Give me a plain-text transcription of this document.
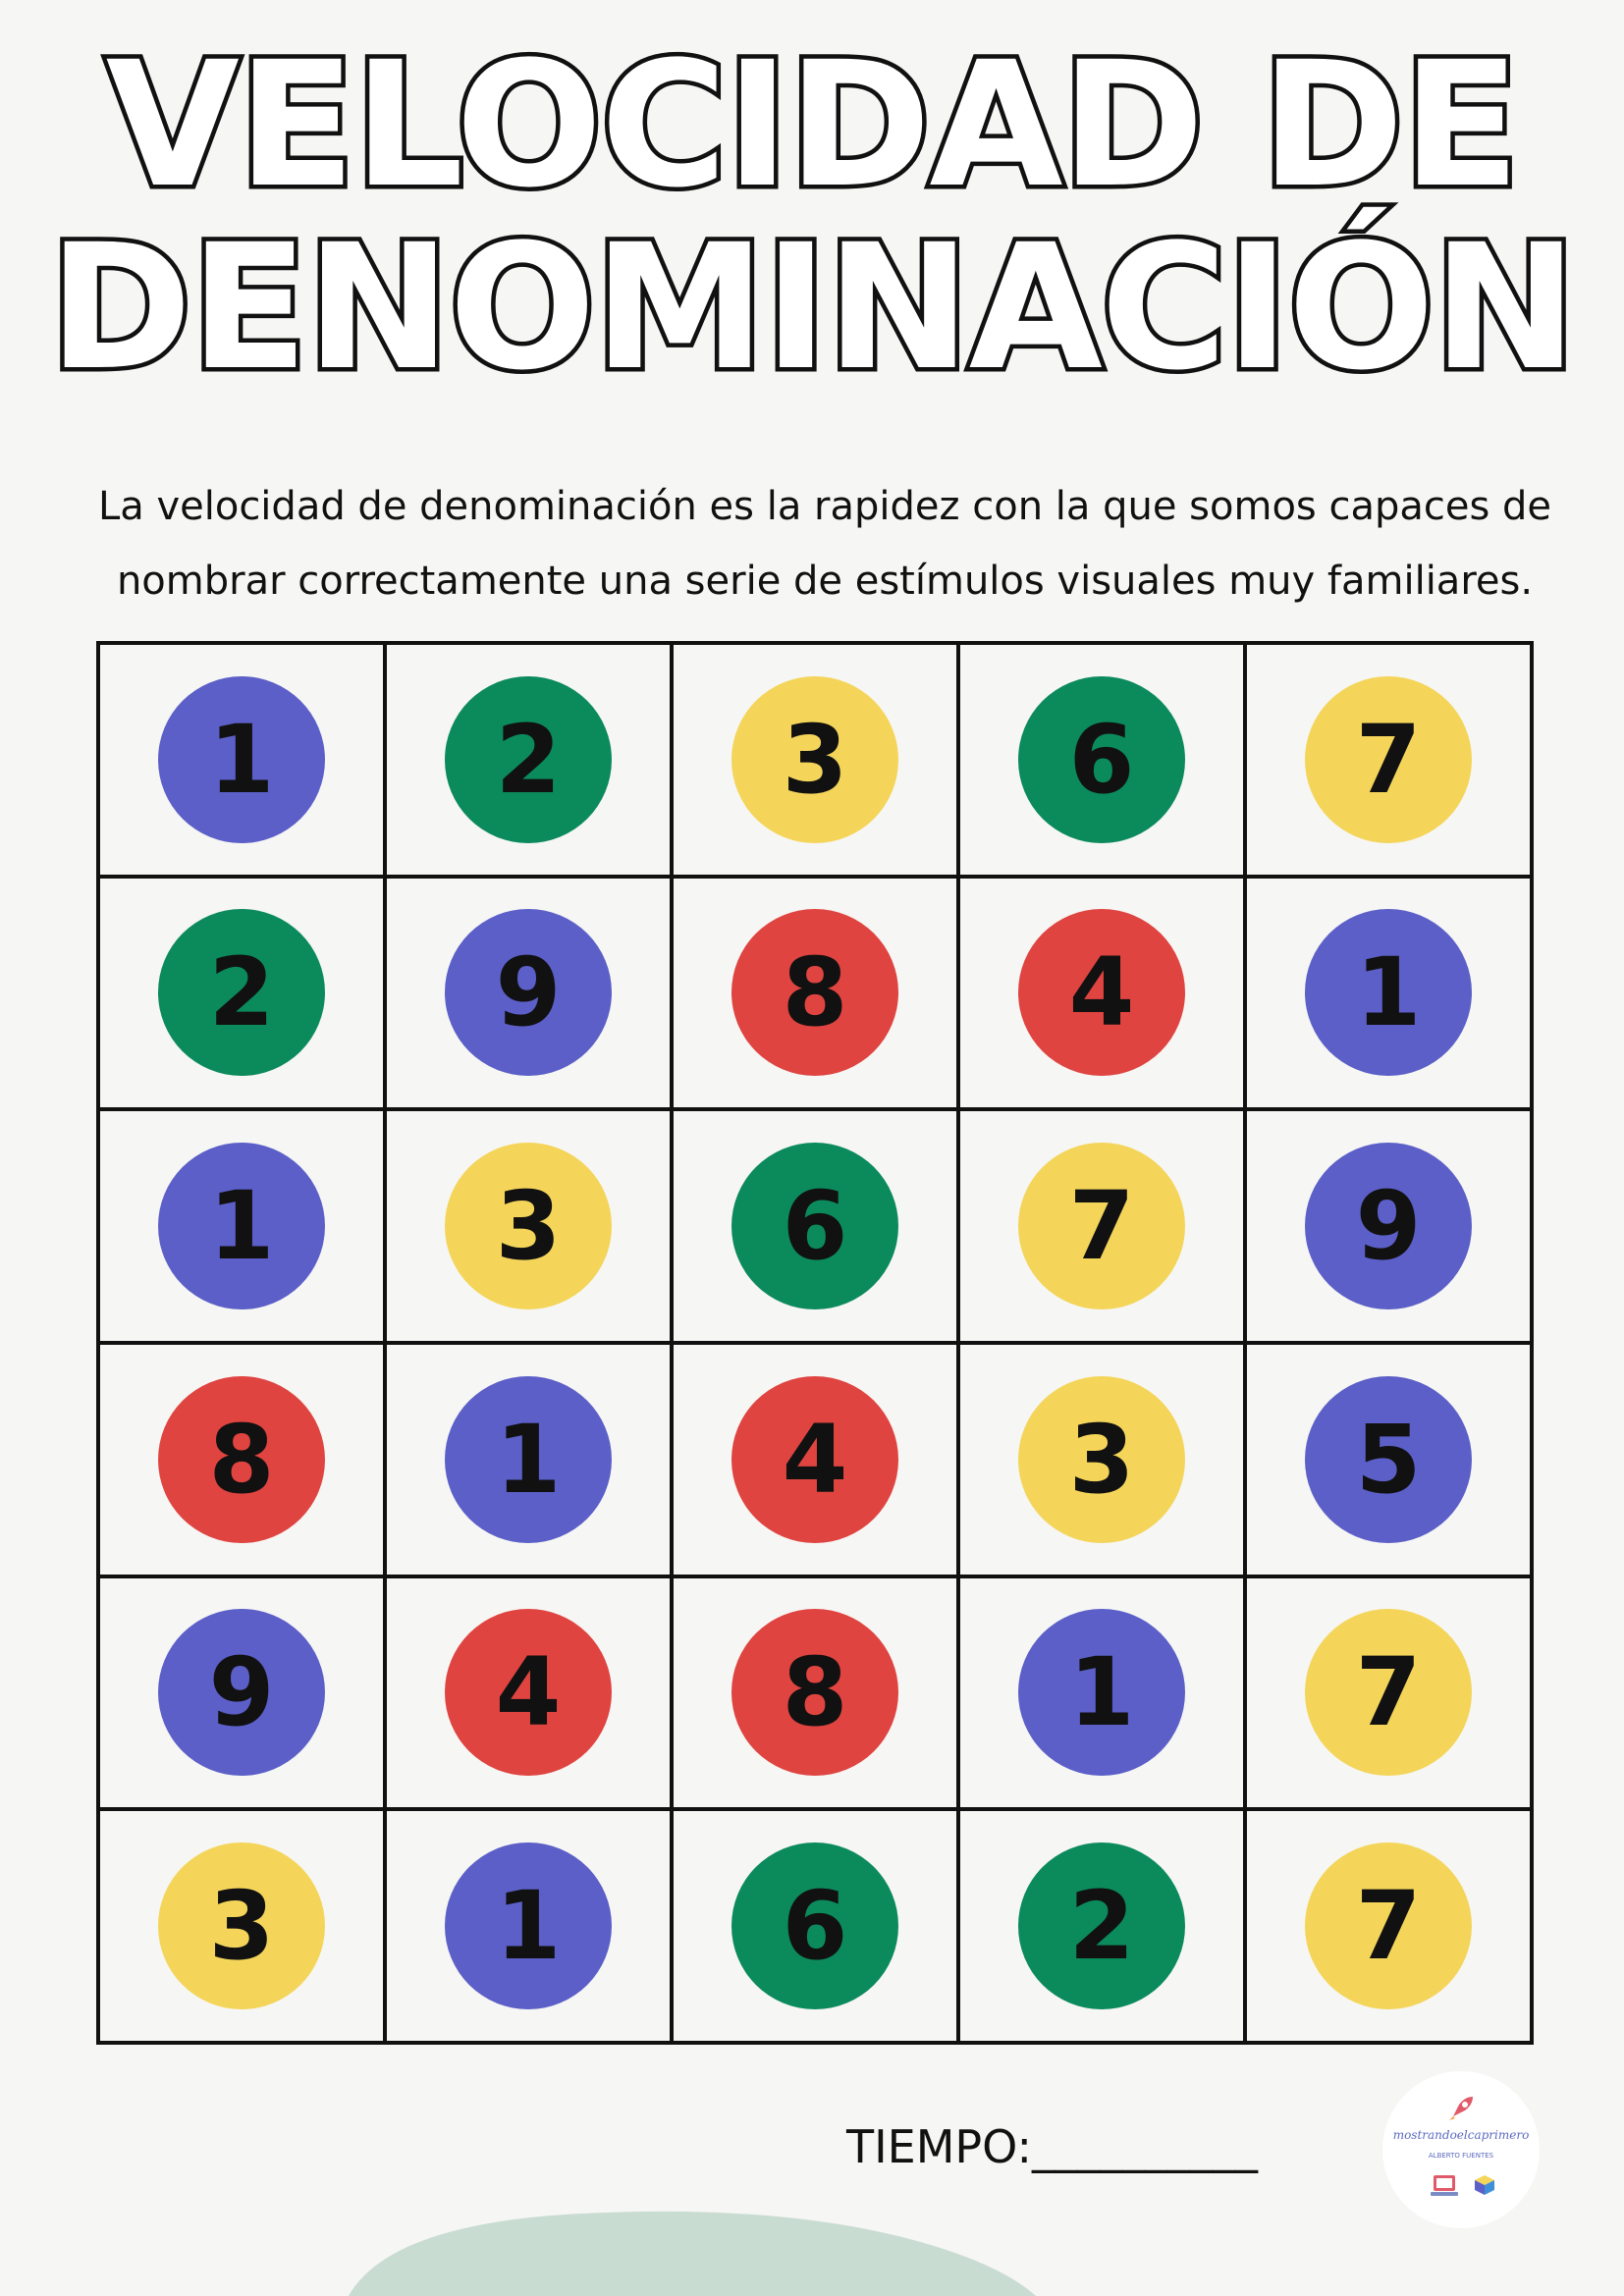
VELOCIDAD DE

DENOMINACIÓN

La velocidad de denominación es la rapidez con la que somos capaces de nombrar correctamente una serie de estímulos visuales muy familiares.

1	2	3	6	7
2	9	8	4	1
1	3	6	7	9
8	1	4	3	5
9	4	8	1	7
3	1	6	2	7
TIEMPO:__________	mostrandoelcaprimero
ALBERTO FUENTES
